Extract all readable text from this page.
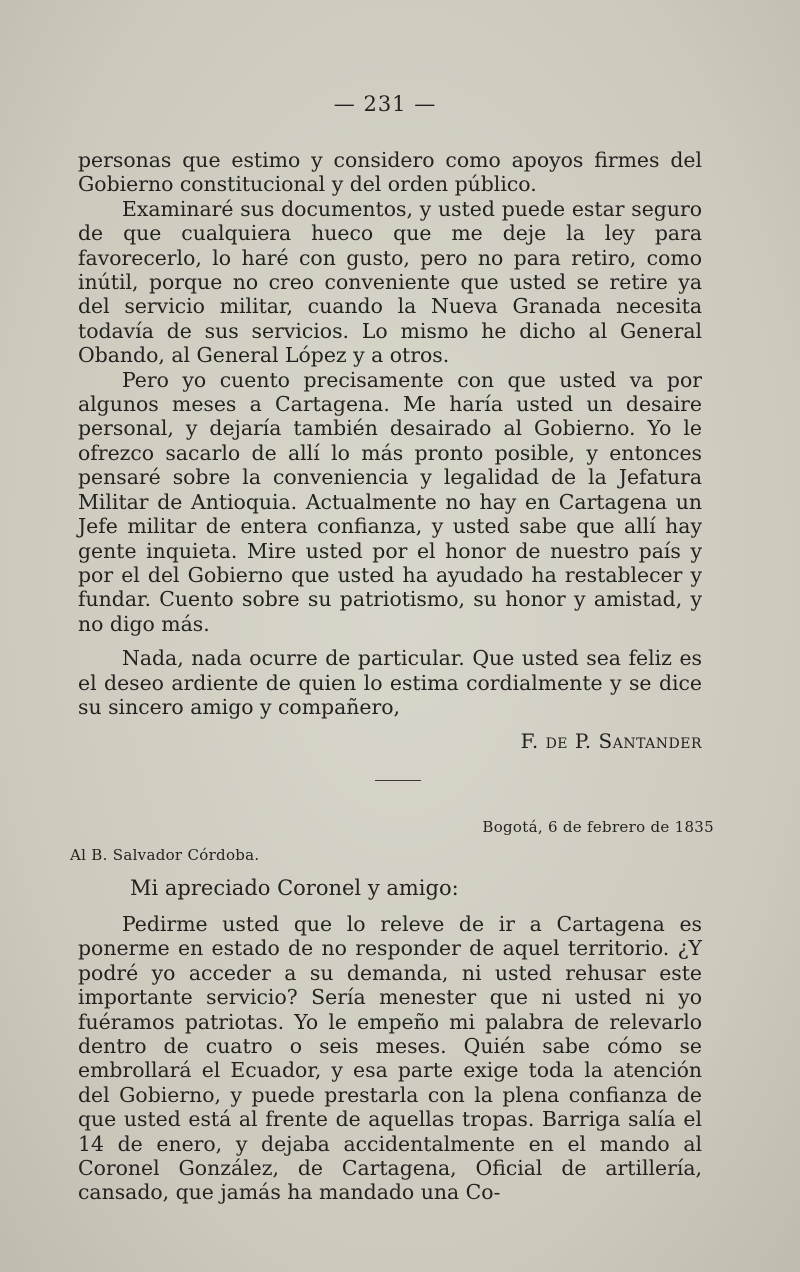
— 231 —

personas que estimo y considero como apoyos firmes del Gobierno constitucional y del orden público.

Examinaré sus documentos, y usted puede estar seguro de que cualquiera hueco que me deje la ley para favorecerlo, lo haré con gusto, pero no para retiro, como inútil, porque no creo conveniente que usted se retire ya del servicio militar, cuando la Nueva Granada necesita todavía de sus servicios. Lo mismo he dicho al General Obando, al General López y a otros.

Pero yo cuento precisamente con que usted va por algunos meses a Cartagena. Me haría usted un desaire personal, y dejaría también desairado al Gobierno. Yo le ofrezco sacarlo de allí lo más pronto posible, y entonces pensaré sobre la conveniencia y legalidad de la Jefatura Militar de Antioquia. Actualmente no hay en Cartagena un Jefe militar de entera confianza, y usted sabe que allí hay gente inquieta. Mire usted por el honor de nuestro país y por el del Gobierno que usted ha ayudado ha restablecer y fundar. Cuento sobre su patriotismo, su honor y amistad, y no digo más.

Nada, nada ocurre de particular. Que usted sea feliz es el deseo ardiente de quien lo estima cordialmente y se dice su sincero amigo y compañero,

F. de P. Santander
Bogotá, 6 de febrero de 1835
Al B. Salvador Córdoba.
Mi apreciado Coronel y amigo:

Pedirme usted que lo releve de ir a Cartagena es ponerme en estado de no responder de aquel territorio. ¿Y podré yo acceder a su demanda, ni usted rehusar este importante servicio? Sería menester que ni usted ni yo fuéramos patriotas. Yo le empeño mi palabra de relevarlo dentro de cuatro o seis meses. Quién sabe cómo se embrollará el Ecuador, y esa parte exige toda la atención del Gobierno, y puede prestarla con la plena confianza de que usted está al frente de aquellas tropas. Barriga salía el 14 de enero, y dejaba accidentalmente en el mando al Coronel González, de Cartagena, Oficial de artillería, cansado, que jamás ha mandado una Co-
